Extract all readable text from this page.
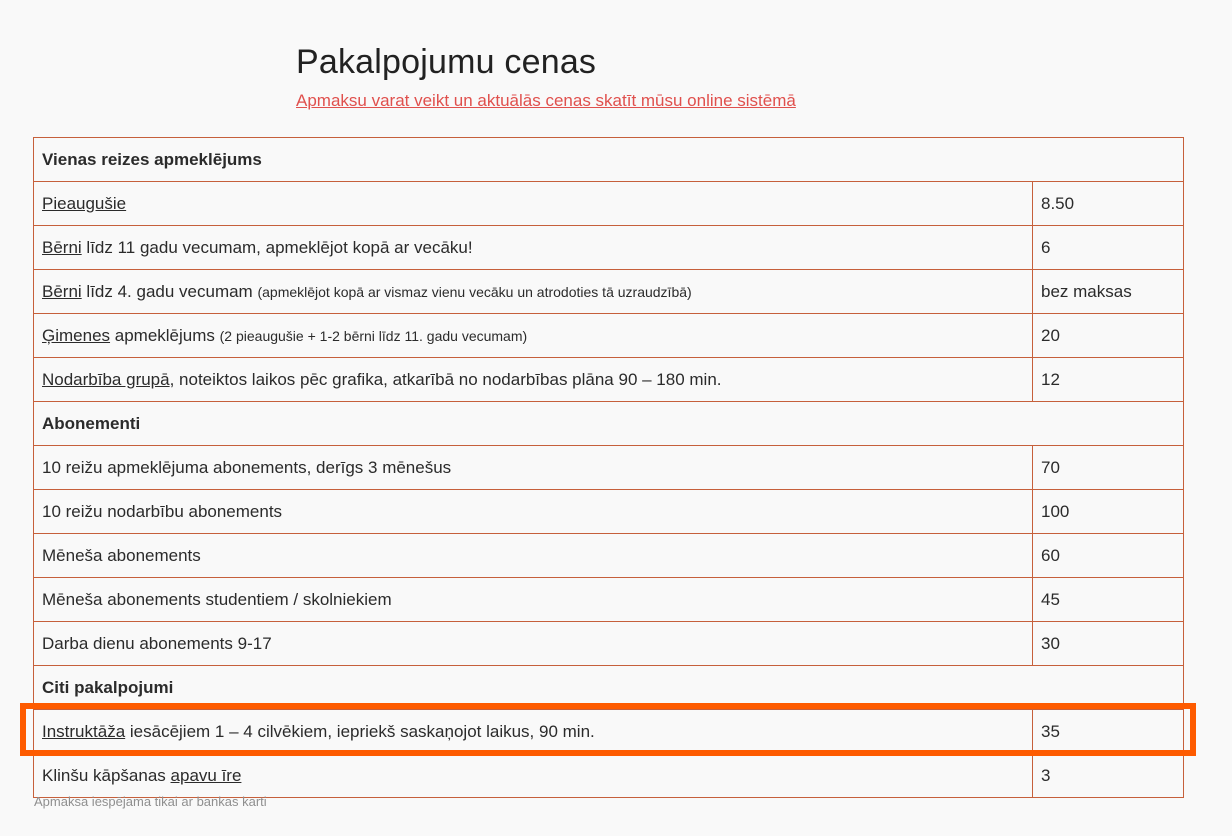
Pakalpojumu cenas
Apmaksu varat veikt un aktuālās cenas skatīt mūsu online sistēmā
Vienas reizes apmeklējums	
Pieaugušie	8.50
Bērni līdz 11 gadu vecumam, apmeklējot kopā ar vecāku!	6
Bērni līdz 4. gadu vecumam (apmeklējot kopā ar vismaz vienu vecāku un atrodoties tā uzraudzībā)	bez maksas
Ģimenes apmeklējums (2 pieaugušie + 1-2 bērni līdz 11. gadu vecumam)	20
Nodarbība grupā, noteiktos laikos pēc grafika, atkarībā no nodarbības plāna 90 – 180 min.	12
Abonementi	
10 reižu apmeklējuma abonements, derīgs 3 mēnešus	70
10 reižu nodarbību abonements	100
Mēneša abonements	60
Mēneša abonements studentiem / skolniekiem	45
Darba dienu abonements 9-17	30
Citi pakalpojumi	
Instruktāža iesācējiem 1 – 4 cilvēkiem, iepriekš saskaņojot laikus, 90 min.	35
Klinšu kāpšanas apavu īre	3
Apmaksa iespējama tikai ar bankas karti
